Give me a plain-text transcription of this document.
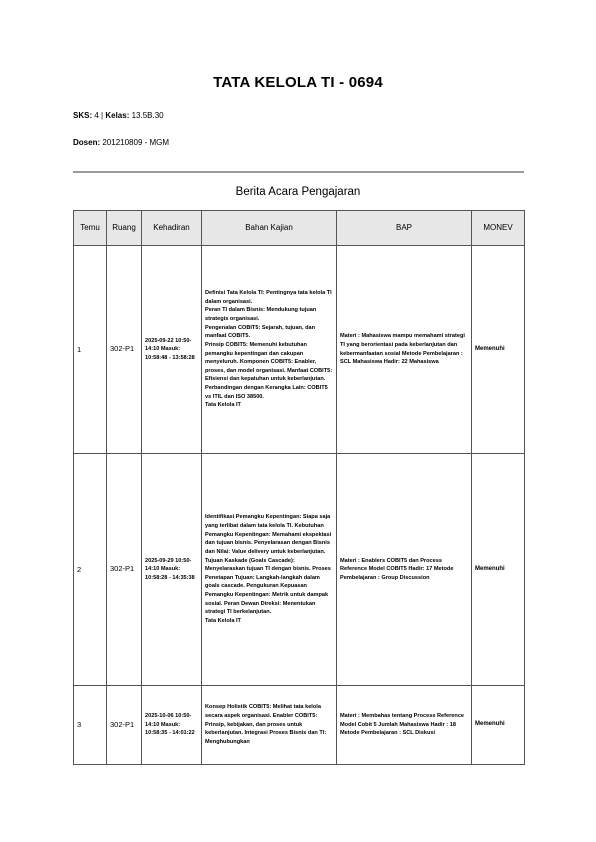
TATA KELOLA TI - 0694
SKS: 4 | Kelas: 13.5B.30
Dosen: 201210809 - MGM
Berita Acara Pengajaran
Temu	Ruang	Kehadiran	Bahan Kajian	BAP	MONEV
1	302-P1	2025-09-22 10:50-14:10 Masuk: 10:58:48 - 13:58:28	Definisi Tata Kelola TI: Pentingnya tata kelola TI dalam organisasi.
Peran TI dalam Bisnis: Mendukung tujuan strategis organisasi.
Pengenalan COBIT5: Sejarah, tujuan, dan manfaat COBIT5.
Prinsip COBIT5: Memenuhi kebutuhan pemangku kepentingan dan cakupan menyeluruh. Komponen COBIT5: Enabler, proses, dan model organisasi. Manfaat COBIT5: Efisiensi dan kepatuhan untuk keberlanjutan. Perbandingan dengan Kerangka Lain: COBIT5 vs ITIL dan ISO 38500.
Tata Kelola IT	Materi : Mahasiswa mampu memahami strategi TI yang berorientasi pada keberlanjutan dan kebermanfaatan sosial Metode Pembelajaran : SCL Mahasiswa Hadir: 22 Mahasiswa	Memenuhi
2	302-P1	2025-09-29 10:50-14:10 Masuk: 10:58:28 - 14:35:38	Identifikasi Pemangku Kepentingan: Siapa saja yang terlibat dalam tata kelola TI. Kebutuhan Pemangku Kepentingan: Memahami ekspektasi dan tujuan bisnis. Penyelarasan dengan Bisnis dan Nilai: Value delivery untuk keberlanjutan. Tujuan Kaskade (Goals Cascade): Menyelaraskan tujuan TI dengan bisnis. Proses Penetapan Tujuan: Langkah-langkah dalam goals cascade. Pengukuran Kepuasan Pemangku Kepentingan: Metrik untuk dampak sosial. Peran Dewan Direksi: Menentukan strategi TI berkelanjutan.
Tata Kelola IT	Materi : Enablers COBIT5 dan Process Reference Model COBIT5 Hadir: 17 Metode Pembelajaran : Group Discussion	Memenuhi
3	302-P1	2025-10-06 10:50-14:10 Masuk: 10:58:35 - 14:01:22	Konsep Holistik COBIT5: Melihat tata kelola secara aspek organisasi. Enabler COBIT5: Prinsip, kebijakan, dan proses untuk keberlanjutan. Integrasi Proses Bisnis dan TI: Menghubungkan	Materi : Membahas tentang Process Reference Model Cobit 5 Jumlah Mahasiswa Hadir : 18 Metode Pembelajaran : SCL Diskusi	Memenuhi
